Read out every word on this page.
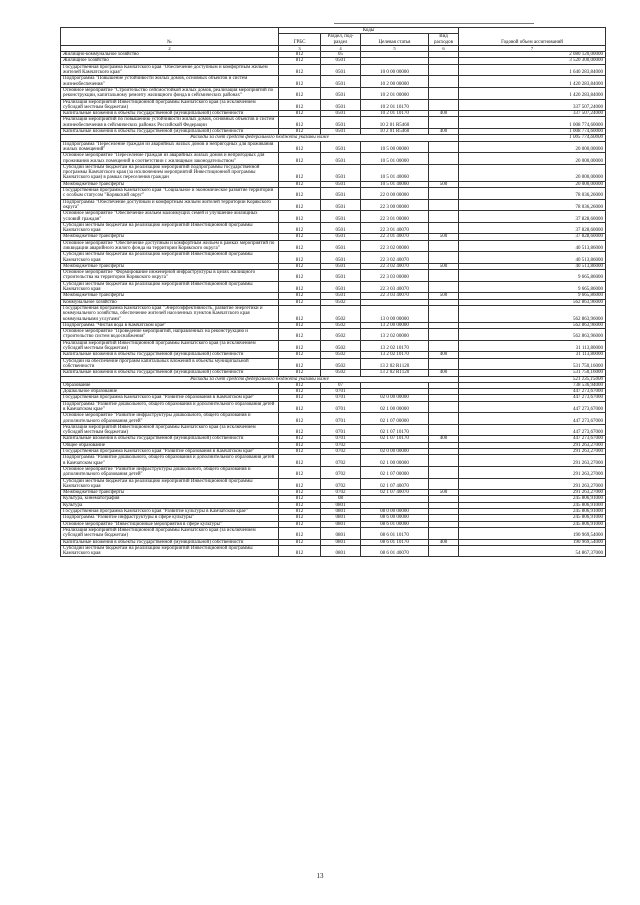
№	Коды				Годовой объем ассигнований
	ГРБС	Раздел, под-раздел	Целевая статья	Вид расходов	
2	3	4	5	6	7
Жилищно-коммунальное хозяйство	812	05			2 080 120,00000
Жилищное хозяйство	812	0501			3 520 300,00000
Государственная программа Камчатского края "Обеспечение доступным и комфортным жильем жителей Камчатского края"	812	0501	10 0 00 00000		1 640 283,84000
Подпрограмма "Повышение устойчивости жилых домов, основных объектов и систем жизнеобеспечения"	812	0501	10 2 00 00000		1 420 283,84000
Основное мероприятие "Строительство сейсмостойкой жилых домов, реализация мероприятий по реконструкции, капитальному ремонту жилищного фонда в сейсмических районах"	812	0501	10 2 01 00000		1 420 283,84000
Реализация мероприятий Инвестиционной программы Камчатского края (за исключением субсидий местным бюджетам)	812	0501	10 2 01 10170		337 507,24000
Капитальные вложения в объекты государственной (муниципальной) собственности	812	0501	10 2 01 10170	400	337 507,24000
Реализация мероприятий по повышению устойчивости жилых домов, основных объектов и систем жизнеобеспечения в сейсмических районах Российской Федерации	812	0501	10 2 01 R5460		1 008 774,60000
Капитальные вложения в объекты государственной (муниципальной) собственности	812	0501	10 2 01 R5460	400	1 008 774,60000
Расходы за счет средств федерального бюджета указаны ниже					1 005 774,60000
Подпрограмма "Переселение граждан из аварийных жилых домов и непригодных для проживания жилых помещений"	812	0501	10 5 00 00000		20 000,00000
Основное мероприятие "Переселение граждан из аварийных жилых домов и непригодных для проживания жилых помещений в соответствии с жилищным законодательством"	812	0501	10 5 01 00000		20 000,00000
Субсидии местным бюджетам на реализацию мероприятий подпрограммы государственной программы Камчатского края (за исключением мероприятий Инвестиционной программы Камчатского края) в рамках переселения граждан	812	0501	10 5 01 40060		20 000,00000
Межбюджетные трансферты	812	0501	10 5 01 40060	500	20 000,00000
Государственная программа Камчатского края "Социальное и экономическое развитие территории с особым статусом "Корякский округ"	812	0501	22 0 00 00000		78 036,26000
Подпрограмма "Обеспечение доступным и комфортным жильем жителей территории Корякского округа"	812	0501	22 3 00 00000		78 036,26000
Основное мероприятие "Обеспечение жильем малоимущих семей и улучшение жилищных условий граждан"	812	0501	22 3 01 00000		37 828,60000
Субсидии местным бюджетам на реализацию мероприятий Инвестиционной программы Камчатского края	812	0501	22 3 01 40070		37 828,60000
Межбюджетные трансферты	812	0501	22 3 01 40070	500	37 828,60000
Основное мероприятие "Обеспечение доступным и комфортным жильем в рамках мероприятий по ликвидации аварийного жилого фонда на территории Корякского округа"	812	0501	22 3 02 00000		40 513,86000
Субсидии местным бюджетам на реализацию мероприятий Инвестиционной программы Камчатского края	812	0501	22 3 02 40070		40 513,86000
Межбюджетные трансферты	812	0501	22 3 02 40070	500	40 513,86000
Основное мероприятие "Формирование инженерной инфраструктуры в целях жилищного строительства на территории Корякского округа"	812	0501	22 3 03 00000		9 665,86000
Субсидии местным бюджетам на реализацию мероприятий Инвестиционной программы Камчатского края	812	0501	22 3 03 40070		9 665,86000
Межбюджетные трансферты	812	0501	22 3 03 40070	500	9 665,86000
Коммунальное хозяйство	812	0502			562 863,96000
Государственная программа Камчатского края "Энергоэффективность, развитие энергетики и коммунального хозяйства, обеспечение жителей населенных пунктов Камчатского края коммунальными услугами"	812	0502	13 0 00 00000		562 863,96000
Подпрограмма "Чистая вода в Камчатском крае"	812	0502	13 2 00 00000		562 863,96000
Основное мероприятие "Проведение мероприятий, направленных на реконструкцию и строительство систем водоснабжения"	812	0502	13 2 02 00000		562 863,96000
Реализация мероприятий Инвестиционной программы Камчатского края (за исключением субсидий местным бюджетам)	812	0502	13 2 02 10170		31 113,80000
Капитальные вложения в объекты государственной (муниципальной) собственности	812	0502	13 2 02 10170	400	31 113,80000
Субсидии на обеспечение программ капитальных вложений в объекты муниципальной собственности	812	0502	13 2 02 R1120		531 750,16000
Капитальные вложения в объекты государственной (муниципальной) собственности	812	0502	13 2 02 R1120	400	531 750,16000
Расходы за счет средств федерального бюджета указаны ниже					521 135,15000
Образование	812	07			738 536,94000
Дошкольное образование	812	0701			447 273,67000
Государственная программа Камчатского края "Развитие образования в Камчатском крае"	812	0701	02 0 00 00000		447 273,67000
Подпрограмма "Развитие дошкольного, общего образования и дополнительного образования детей в Камчатском крае"	812	0701	02 1 00 00000		447 273,67000
Основное мероприятие "Развитие инфраструктуры дошкольного, общего образования и дополнительного образования детей"	812	0701	02 1 07 00000		447 273,67000
Реализация мероприятий Инвестиционной программы Камчатского края (за исключением субсидий местным бюджетам)	812	0701	02 1 07 10170		447 273,67000
Капитальные вложения в объекты государственной (муниципальной) собственности	812	0701	02 1 07 10170	400	447 273,67000
Общее образование	812	0702			291 263,27000
Государственная программа Камчатского края "Развитие образования в Камчатском крае"	812	0702	02 0 00 00000		291 263,27000
Подпрограмма "Развитие дошкольного, общего образования и дополнительного образования детей в Камчатском крае"	812	0702	02 1 00 00000		291 263,27000
Основное мероприятие "Развитие инфраструктуры дошкольного, общего образования и дополнительного образования детей"	812	0702	02 1 07 00000		291 263,27000
Субсидии местным бюджетам на реализацию мероприятий Инвестиционной программы Камчатского края	812	0702	02 1 07 40070		291 263,27000
Межбюджетные трансферты	812	0702	02 1 07 40070	500	291 263,27000
Культура, кинематография	812	08			245 806,91000
Культура	812	0801			245 806,91000
Государственная программа Камчатского края "Развитие культуры в Камчатском крае"	812	0801	08 0 00 00000		245 806,91000
Подпрограмма "Развитие инфраструктуры в сфере культуры"	812	0801	08 6 00 00000		245 806,91000
Основное мероприятие "Инвестиционные мероприятия в сфере культуры"	812	0801	08 6 01 00000		245 806,91000
Реализация мероприятий Инвестиционной программы Камчатского края (за исключением субсидий местным бюджетам)	812	0801	08 6 01 10170		190 969,54000
Капитальные вложения в объекты государственной (муниципальной) собственности	812	0801	08 6 01 10170	400	190 969,54000
Субсидии местным бюджетам на реализацию мероприятий Инвестиционной программы Камчатского края	812	0801	08 6 01 40070		54 867,37000
13
